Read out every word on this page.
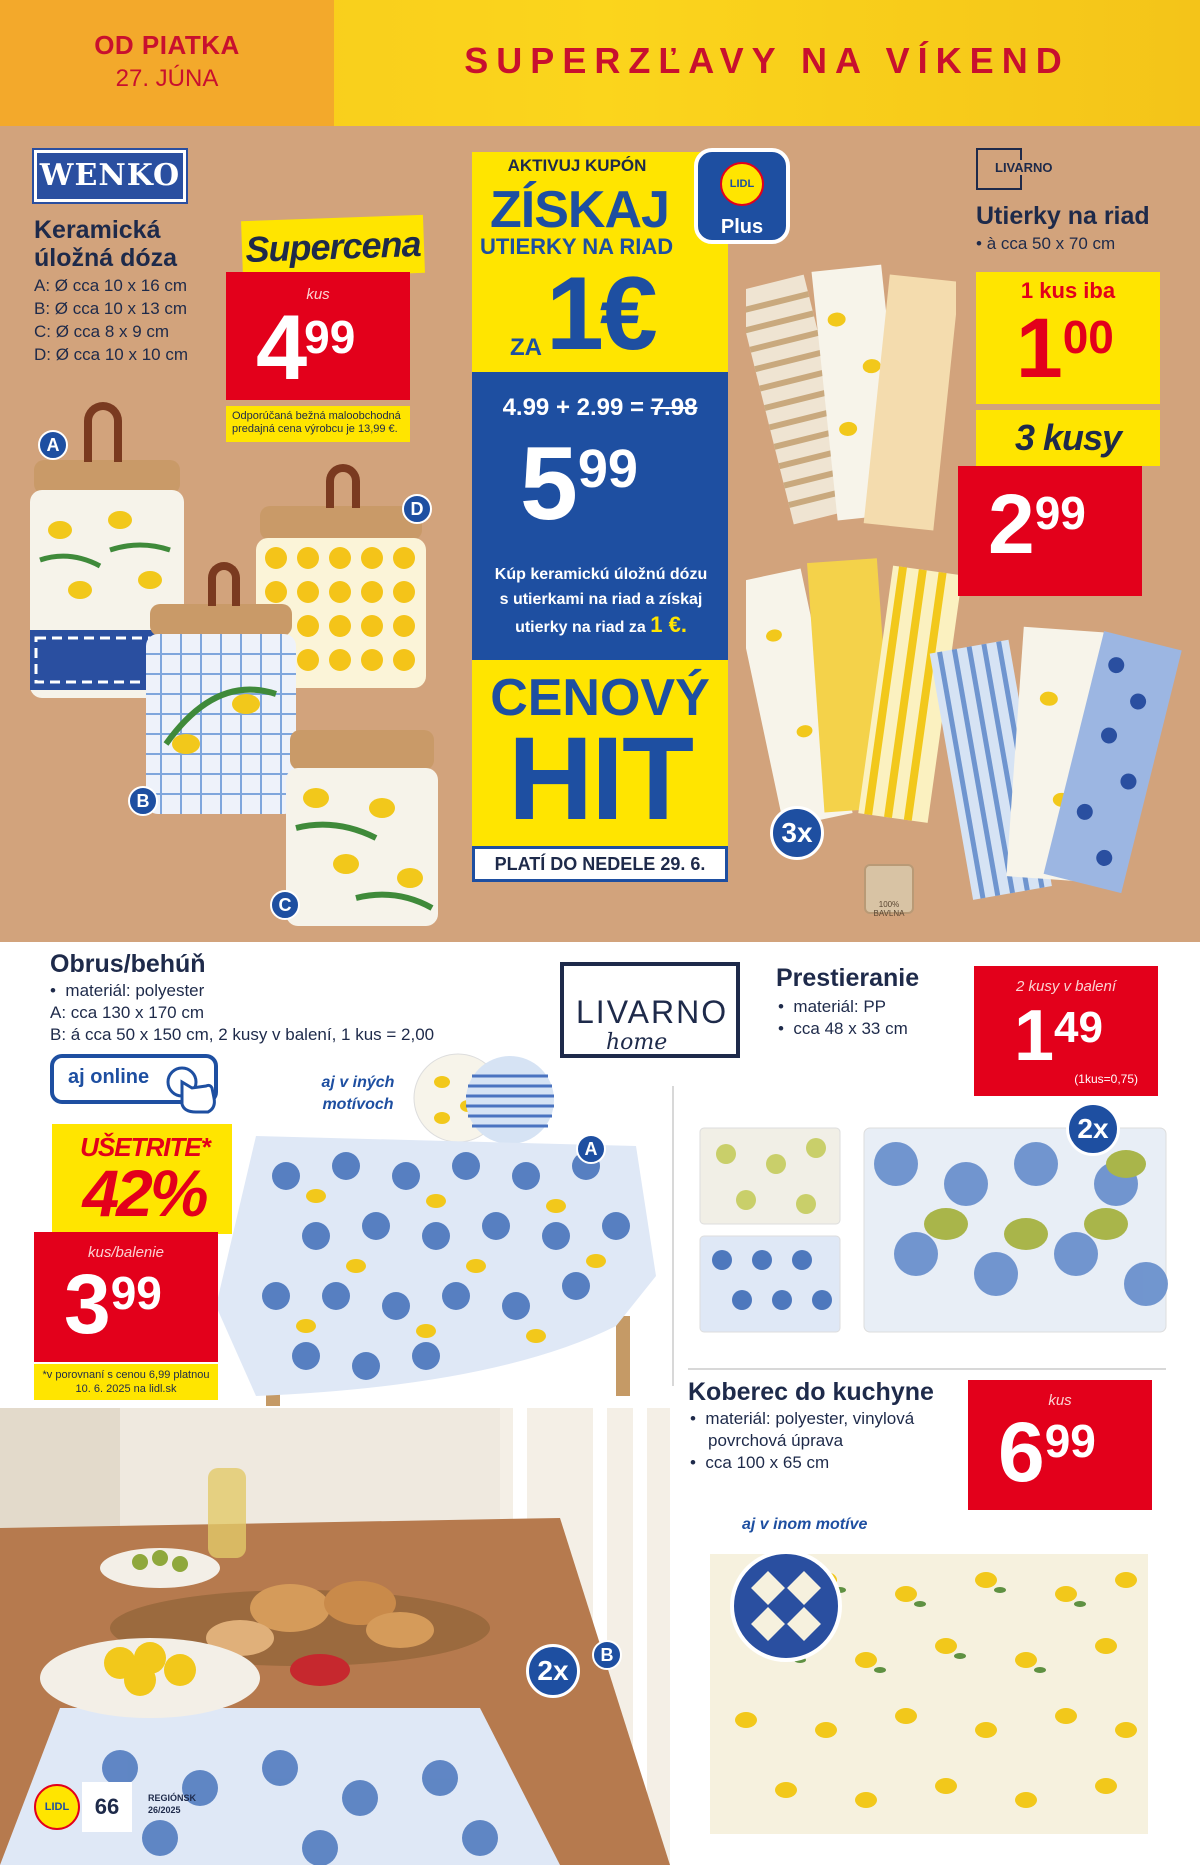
OD PIATKA
27. JÚNA	SUPERZĽAVY NA VÍKEND
WENKO
Keramická
úložná dóza
A: Ø cca 10 x 16 cm
B: Ø cca 10 x 13 cm
C: Ø cca 8 x 9 cm
D: Ø cca 10 x 10 cm
Supercena
kus
499
Odporúčaná bežná maloobchodná predajná cena výrobcu je 13,99 €.
A
D
B
C
AKTIVUJ KUPÓN
ZÍSKAJ
UTIERKY NA RIAD
ZA 1€
LIDL
Plus
4.99 + 2.99 = 7.98
599
Kúp keramickú úložnú dózu
s utierkami na riad a získaj
utierky na riad za 1 €.
CENOVÝ
HIT
PLATÍ DO NEDELE 29. 6.
3x
100% BAVLNA
LIVARNO
Utierky na riad
• à cca 50 x 70 cm
1 kus iba
100
3 kusy
299
Obrus/behúň
•  materiál: polyester
A: cca 130 x 170 cm
B: á cca 50 x 150 cm, 2 kusy v balení, 1 kus = 2,00
aj online	aj v iných
motívoch
LIVARNO
home
A
UŠETRITE*
42%
kus/balenie
399
*v porovnaní s cenou 6,99 platnou 10. 6. 2025 na lidl.sk
2x	B
Prestieranie
•  materiál: PP
•  cca 48 x 33 cm
2 kusy v balení
149
(1kus=0,75)
2x
Koberec do kuchyne
•  materiál: polyester, vinylová
povrchová úprava
•  cca 100 x 65 cm
kus
699
aj v inom motíve
LIDL	66	REGIÓNSK
26/2025
